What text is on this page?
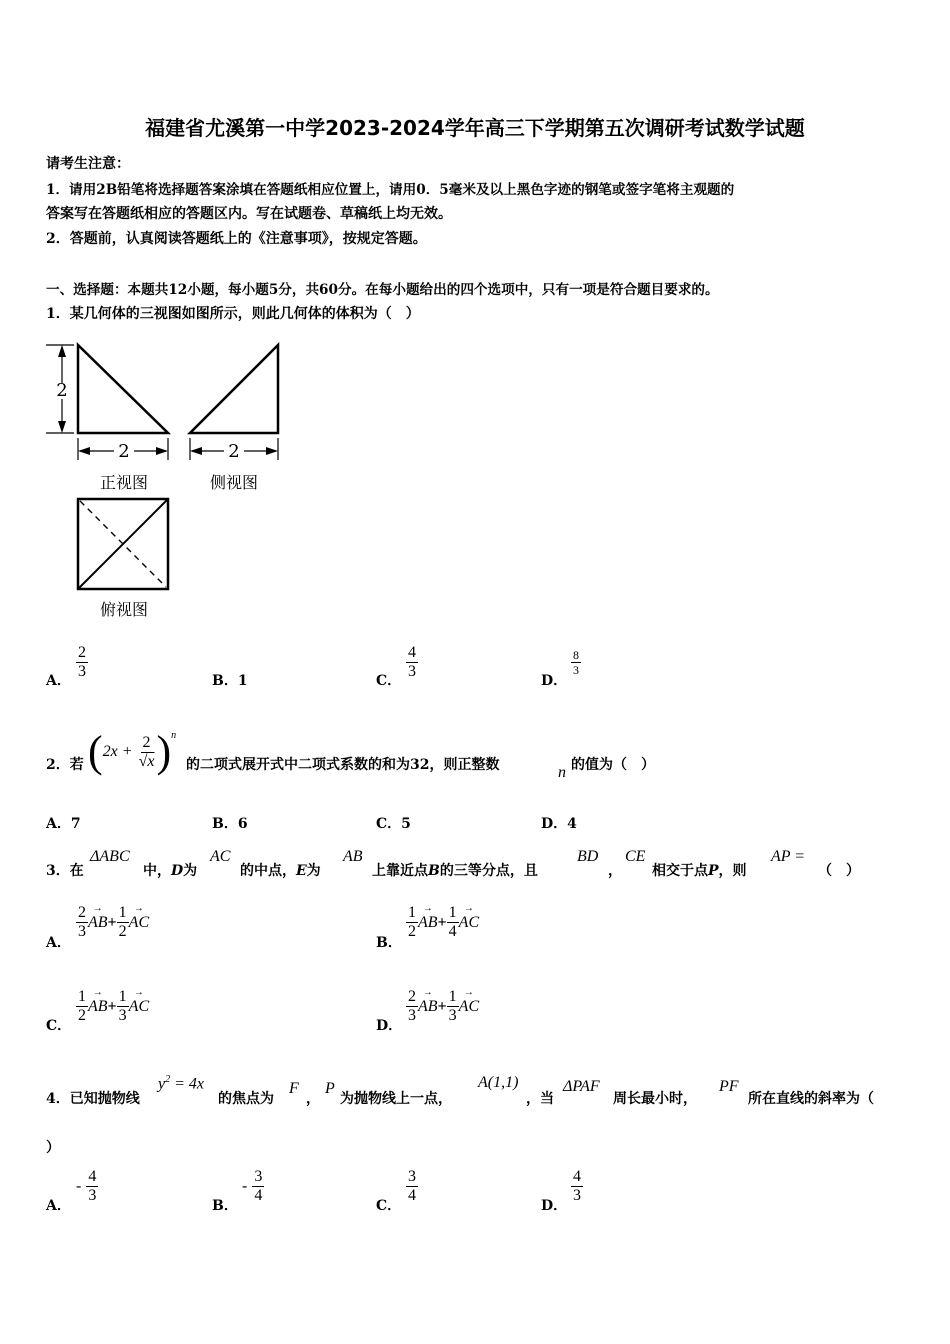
福建省尤溪第一中学2023-2024学年高三下学期第五次调研考试数学试题
请考生注意：
1．请用2B铅笔将选择题答案涂填在答题纸相应位置上，请用0．5毫米及以上黑色字迹的钢笔或签字笔将主观题的
答案写在答题纸相应的答题区内。写在试题卷、草稿纸上均无效。
2．答题前，认真阅读答题纸上的《注意事项》，按规定答题。
一、选择题：本题共12小题，每小题5分，共60分。在每小题给出的四个选项中，只有一项是符合题目要求的。
1．某几何体的三视图如图所示，则此几何体的体积为（　）
2
2
正视图
2
侧视图
俯视图
A． $\frac{2}{3}$	B．1	C． $\frac{4}{3}$	D．
$\frac{8}{3}$
2．若 $(2x + \frac{2}{√x} )^n$
的二项式展开式中二项式系数的和为32，则正整数	n 的值为（　）
A．7	B．6	C．5	D．4
3．在
ΔABC
中，D为
AC
的中点，E为
AB
上靠近点B的三等分点，且
BD
，
CE
相交于点P，则
AP =
（　）
A．
$\frac{2}{3} \to AB+ \frac{1}{2}$ → AC
B．
$\frac{1}{2} \to AB+ \frac{1}{4}$ → AC
C．
$\frac{1}{2} \to AB+ \frac{1}{3}$ → AC
D．
$\frac{2}{3} \to AB+ \frac{1}{3}$ → AC
4．已知抛物线
$y^2 = 4x$
的焦点为
F
，
P
为抛物线上一点，
A(1,1)
，当
ΔPAF
周长最小时，
PF
所在直线的斜率为（
）
A．
- $\frac{4}{3}$
B．
- $\frac{3}{4}$
C．
$\frac{3}{4}$
D．
$\frac{4}{3}$
